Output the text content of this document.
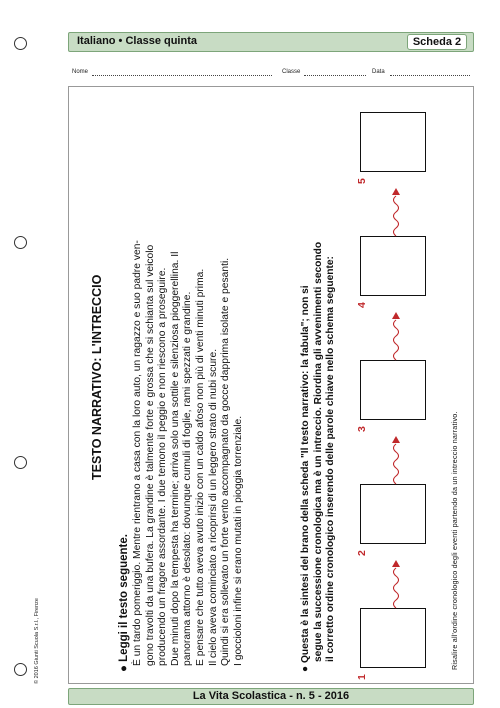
Italiano • Classe quinta	Scheda 2
Nome	Classe	Data
© 2016 Giunti Scuola S.r.l., Firenze
TESTO NARRATIVO: L'INTRECCIO
● Leggi il testo seguente. È un tardo pomeriggio. Mentre rientrano a casa con la loro auto, un ragazzo e suo padre ven- gono travolti da una bufera. La grandine è talmente forte e grossa che si schianta sul veicolo producendo un fragore assordante. I due temono il peggio e non riescono a proseguire. Due minuti dopo la tempesta ha termine; arriva solo una sottile e silenziosa pioggerellina. Il panorama attorno è desolato: dovunque cumuli di foglie, rami spezzati e grandine. E pensare che tutto aveva avuto inizio con un caldo afoso non più di venti minuti prima. Il cielo aveva cominciato a ricoprirsi di un leggero strato di nubi scure. Quindi si era sollevato un forte vento accompagnato da gocce dapprima isolate e pesanti. I goccioloni infine si erano mutati in pioggia torrenziale.
● Questa è la sintesi del brano della scheda "Il testo narrativo: la fabula"; non si segue la successione cronologica ma è un intreccio. Riordina gli avvenimenti secondo il corretto ordine cronologico inserendo delle parole chiave nello schema seguente:
1
2
3
4
5
Risalire all'ordine cronologico degli eventi partendo da un intreccio narrativo.
La Vita Scolastica - n. 5 - 2016
